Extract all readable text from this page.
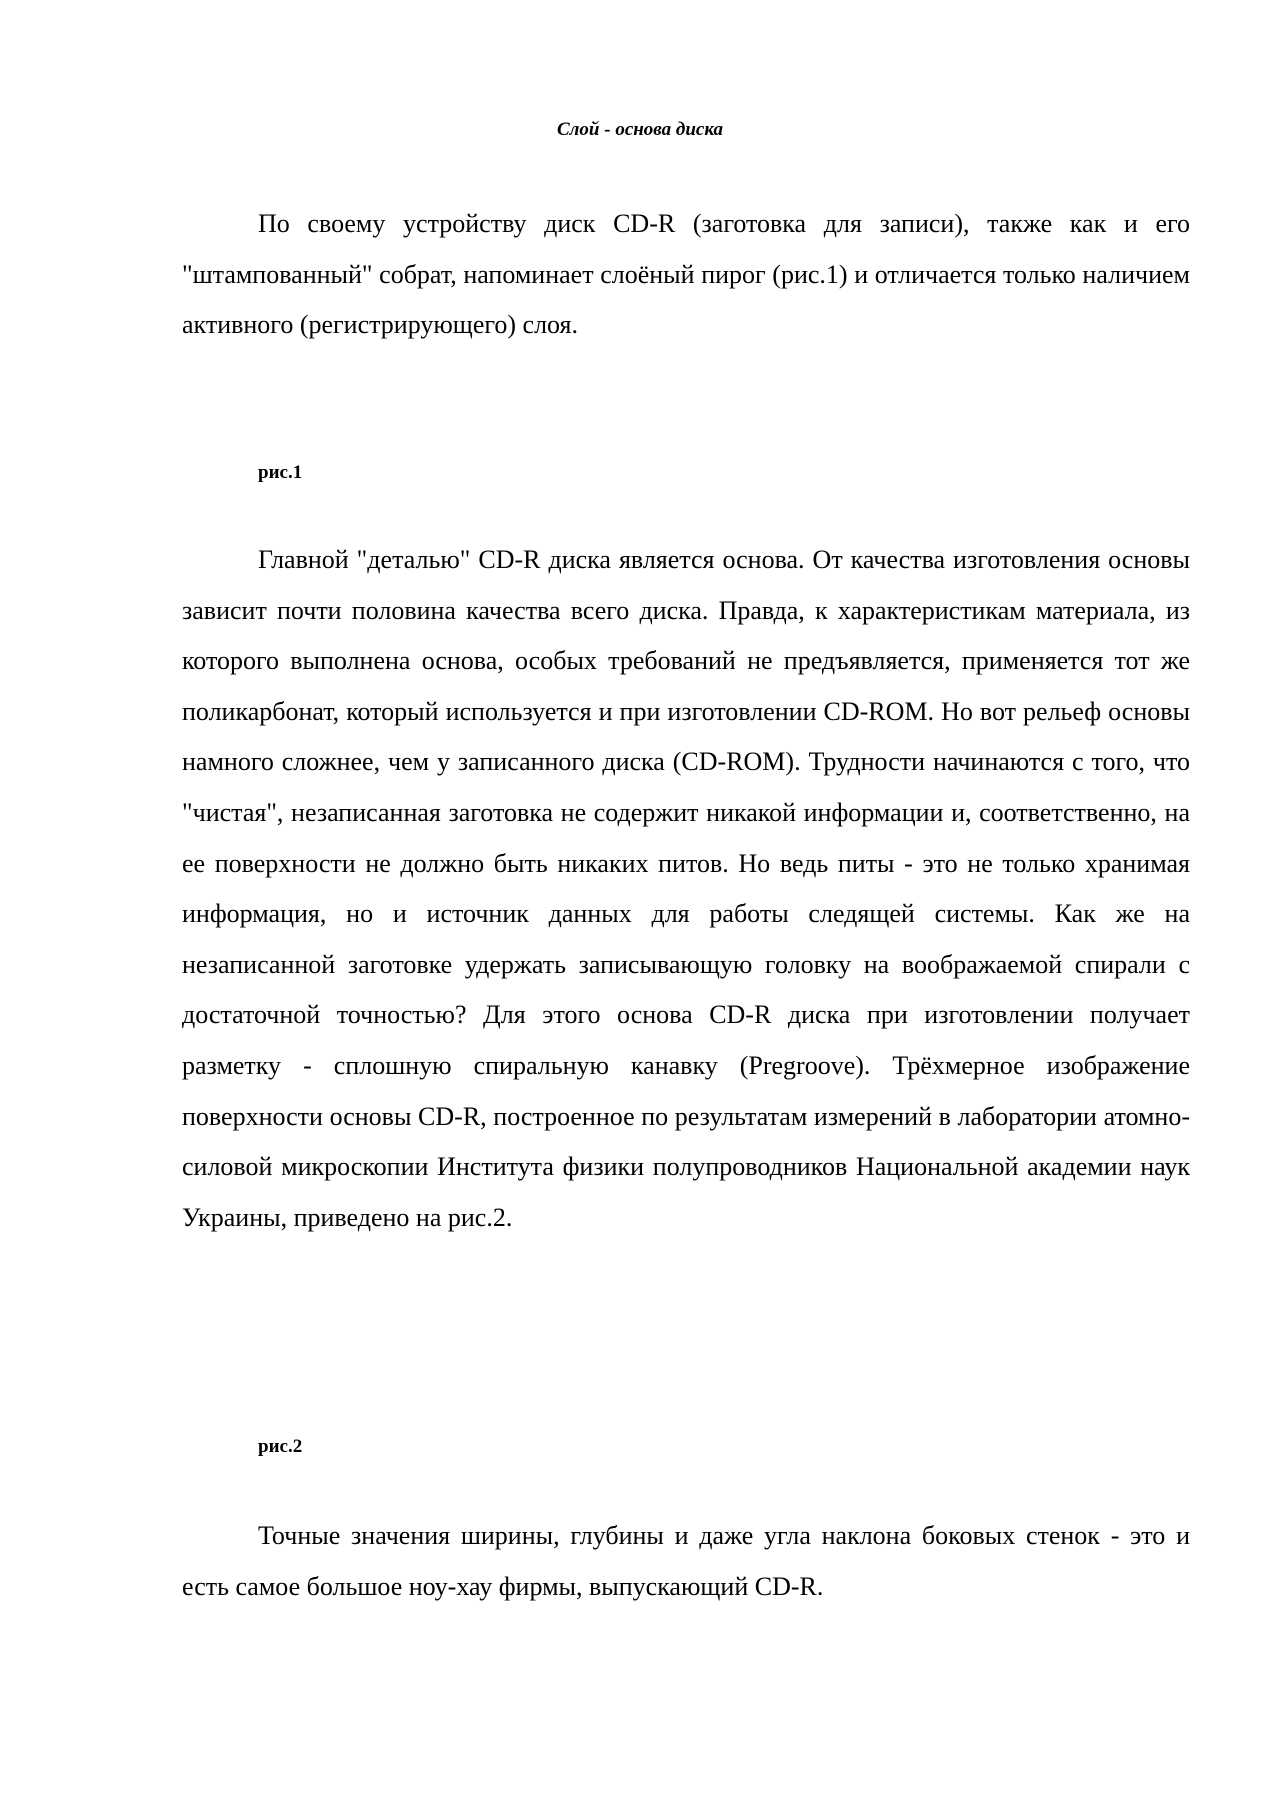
Слой - основа диска

По своему устройству диск CD-R (заготовка для записи), также как и его "штампованный" собрат, напоминает слоёный пирог (рис.1) и отличается только наличием активного (регистрирующего) слоя.

рис.1

Главной "деталью" CD-R диска является основа. От качества изготовления основы зависит почти половина качества всего диска. Правда, к характеристикам материала, из которого выполнена основа, особых требований не предъявляется, применяется тот же поликарбонат, который используется и при изготовлении CD-ROM. Но вот рельеф основы намного сложнее, чем у записанного диска (CD-ROM). Трудности начинаются с того, что "чистая", незаписанная заготовка не содержит никакой информации и, соответственно, на ее поверхности не должно быть никаких питов. Но ведь питы - это не только хранимая информация, но и источник данных для работы следящей системы. Как же на незаписанной заготовке удержать записывающую головку на воображаемой спирали с достаточной точностью? Для этого основа CD-R диска при изготовлении получает разметку - сплошную спиральную канавку (Pregroove). Трёхмерное изображение поверхности основы CD-R, построенное по результатам измерений в лаборатории атомно-силовой микроскопии Института физики полупроводников Национальной академии наук Украины, приведено на рис.2.

рис.2

Точные значения ширины, глубины и даже угла наклона боковых стенок - это и есть самое большое ноу-хау фирмы, выпускающий CD-R.
